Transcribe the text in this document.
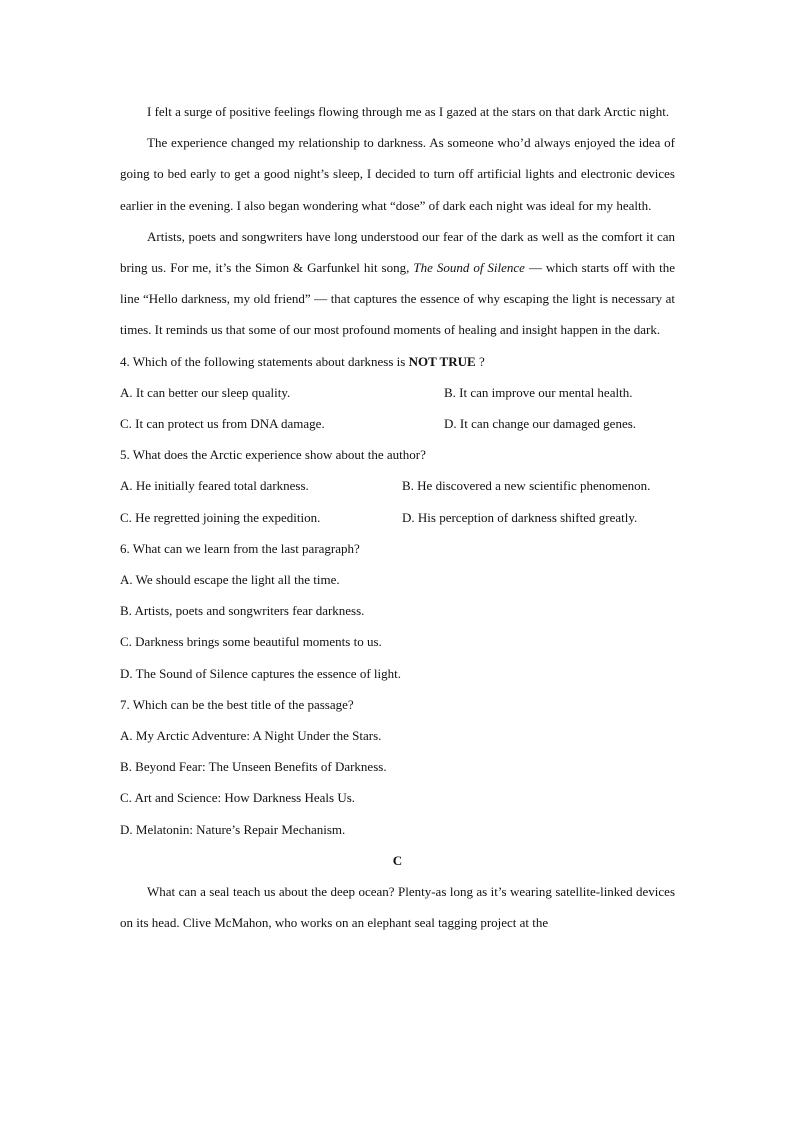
I felt a surge of positive feelings flowing through me as I gazed at the stars on that dark Arctic night.

The experience changed my relationship to darkness. As someone who’d always enjoyed the idea of going to bed early to get a good night’s sleep, I decided to turn off artificial lights and electronic devices earlier in the evening. I also began wondering what “dose” of dark each night was ideal for my health.

Artists, poets and songwriters have long understood our fear of the dark as well as the comfort it can bring us. For me, it’s the Simon & Garfunkel hit song, The Sound of Silence — which starts off with the line “Hello darkness, my old friend” — that captures the essence of why escaping the light is necessary at times. It reminds us that some of our most profound moments of healing and insight happen in the dark.

4. Which of the following statements about darkness is NOT TRUE ?

A. It can better our sleep quality.	B. It can improve our mental health.
C. It can protect us from DNA damage.	D. It can change our damaged genes.

5. What does the Arctic experience show about the author?

A. He initially feared total darkness.	B. He discovered a new scientific phenomenon.
C. He regretted joining the expedition.	D. His perception of darkness shifted greatly.

6. What can we learn from the last paragraph?

A. We should escape the light all the time.

B. Artists, poets and songwriters fear darkness.

C. Darkness brings some beautiful moments to us.

D. The Sound of Silence captures the essence of light.

7. Which can be the best title of the passage?

A. My Arctic Adventure: A Night Under the Stars.

B. Beyond Fear: The Unseen Benefits of Darkness.

C. Art and Science: How Darkness Heals Us.

D. Melatonin: Nature’s Repair Mechanism.

C

What can a seal teach us about the deep ocean? Plenty-as long as it’s wearing satellite-linked devices on its head. Clive McMahon, who works on an elephant seal tagging project at the
